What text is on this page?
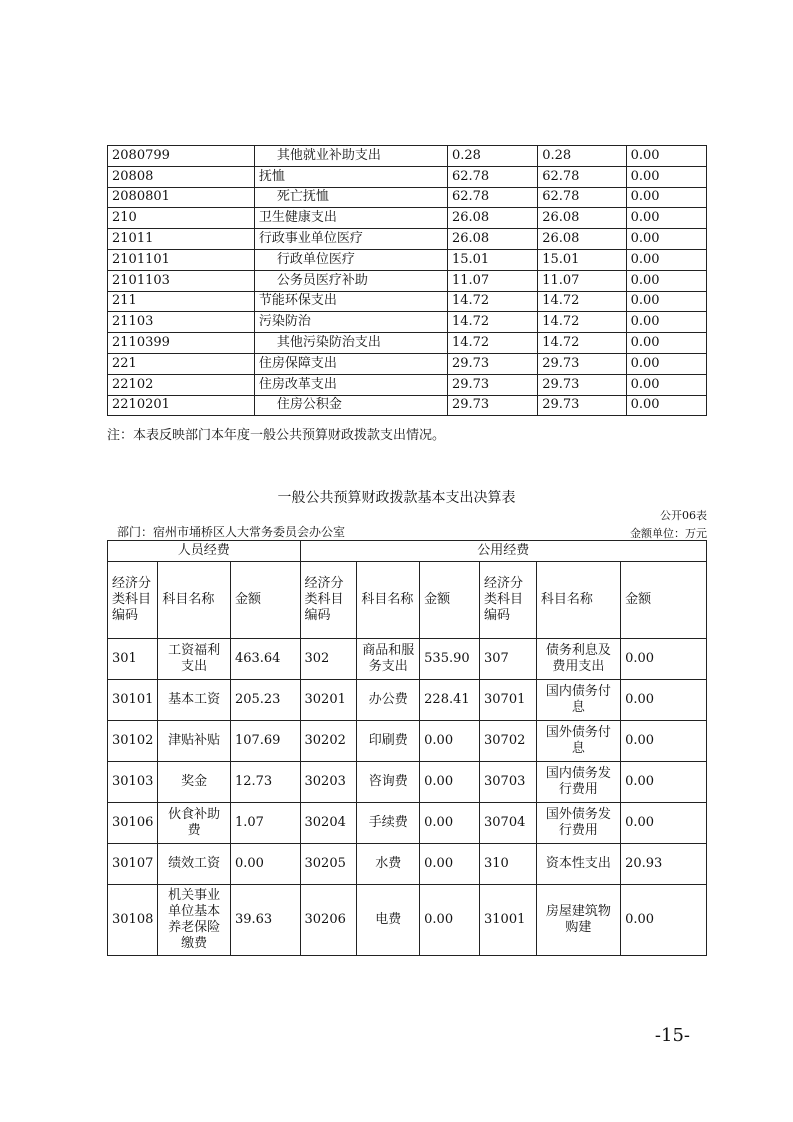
2080799	其他就业补助支出	0.28	0.28	0.00
20808	抚恤	62.78	62.78	0.00
2080801	死亡抚恤	62.78	62.78	0.00
210	卫生健康支出	26.08	26.08	0.00
21011	行政事业单位医疗	26.08	26.08	0.00
2101101	行政单位医疗	15.01	15.01	0.00
2101103	公务员医疗补助	11.07	11.07	0.00
211	节能环保支出	14.72	14.72	0.00
21103	污染防治	14.72	14.72	0.00
2110399	其他污染防治支出	14.72	14.72	0.00
221	住房保障支出	29.73	29.73	0.00
22102	住房改革支出	29.73	29.73	0.00
2210201	住房公积金	29.73	29.73	0.00
注：本表反映部门本年度一般公共预算财政拨款支出情况。
一般公共预算财政拨款基本支出决算表
公开06表
部门：宿州市埇桥区人大常务委员会办公室	金额单位：万元
人员经费			公用经费					
经济分类科目编码	科目名称	金额	经济分类科目编码	科目名称	金额	经济分类科目编码	科目名称	金额
301	工资福利支出	463.64	302	商品和服务支出	535.90	307	债务利息及费用支出	0.00
30101	基本工资	205.23	30201	办公费	228.41	30701	国内债务付息	0.00
30102	津贴补贴	107.69	30202	印刷费	0.00	30702	国外债务付息	0.00
30103	奖金	12.73	30203	咨询费	0.00	30703	国内债务发行费用	0.00
30106	伙食补助费	1.07	30204	手续费	0.00	30704	国外债务发行费用	0.00
30107	绩效工资	0.00	30205	水费	0.00	310	资本性支出	20.93
30108	机关事业单位基本养老保险缴费	39.63	30206	电费	0.00	31001	房屋建筑物购建	0.00
-15-
